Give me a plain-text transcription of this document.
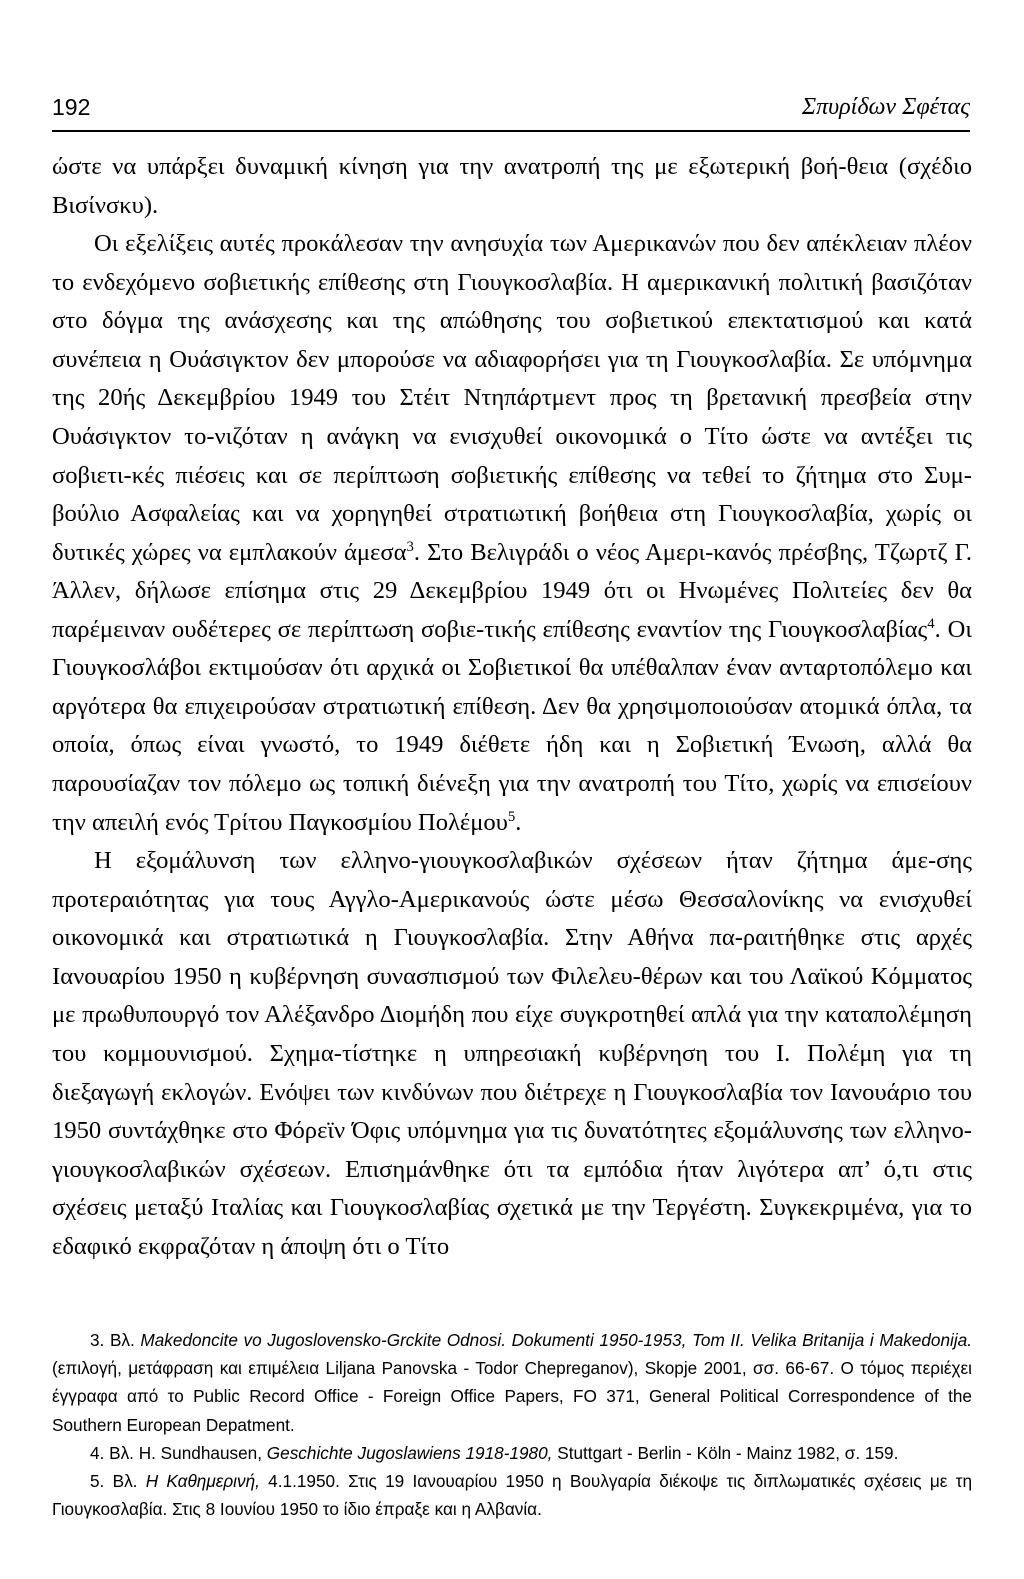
192	Σπυρίδων Σφέτας

ώστε να υπάρξει δυναμική κίνηση για την ανατροπή της με εξωτερική βοή-θεια (σχέδιο Βισίνσκυ).

Οι εξελίξεις αυτές προκάλεσαν την ανησυχία των Αμερικανών που δεν απέκλειαν πλέον το ενδεχόμενο σοβιετικής επίθεσης στη Γιουγκοσλαβία. Η αμερικανική πολιτική βασιζόταν στο δόγμα της ανάσχεσης και της απώθησης του σοβιετικού επεκτατισμού και κατά συνέπεια η Ουάσιγκτον δεν μπορούσε να αδιαφορήσει για τη Γιουγκοσλαβία. Σε υπόμνημα της 20ής Δεκεμβρίου 1949 του Στέιτ Ντηπάρτμεντ προς τη βρετανική πρεσβεία στην Ουάσιγκτον το-νιζόταν η ανάγκη να ενισχυθεί οικονομικά ο Τίτο ώστε να αντέξει τις σοβιετι-κές πιέσεις και σε περίπτωση σοβιετικής επίθεσης να τεθεί το ζήτημα στο Συμ-βούλιο Ασφαλείας και να χορηγηθεί στρατιωτική βοήθεια στη Γιουγκοσλαβία, χωρίς οι δυτικές χώρες να εμπλακούν άμεσα$^3$. Στο Βελιγράδι ο νέος Αμερι-κανός πρέσβης, Τζωρτζ Γ. Άλλεν, δήλωσε επίσημα στις 29 Δεκεμβρίου 1949 ότι οι Ηνωμένες Πολιτείες δεν θα παρέμειναν ουδέτερες σε περίπτωση σοβιε-τικής επίθεσης εναντίον της Γιουγκοσλαβίας$^4$. Οι Γιουγκοσλάβοι εκτιμούσαν ότι αρχικά οι Σοβιετικοί θα υπέθαλπαν έναν ανταρτοπόλεμο και αργότερα θα επιχειρούσαν στρατιωτική επίθεση. Δεν θα χρησιμοποιούσαν ατομικά όπλα, τα οποία, όπως είναι γνωστό, το 1949 διέθετε ήδη και η Σοβιετική Ένωση, αλλά θα παρουσίαζαν τον πόλεμο ως τοπική διένεξη για την ανατροπή του Τίτο, χωρίς να επισείουν την απειλή ενός Τρίτου Παγκοσμίου Πολέμου$^5$.

Η εξομάλυνση των ελληνο-γιουγκοσλαβικών σχέσεων ήταν ζήτημα άμε-σης προτεραιότητας για τους Αγγλο-Αμερικανούς ώστε μέσω Θεσσαλονίκης να ενισχυθεί οικονομικά και στρατιωτικά η Γιουγκοσλαβία. Στην Αθήνα πα-ραιτήθηκε στις αρχές Ιανουαρίου 1950 η κυβέρνηση συνασπισμού των Φιλελευ-θέρων και του Λαϊκού Κόμματος με πρωθυπουργό τον Αλέξανδρο Διομήδη που είχε συγκροτηθεί απλά για την καταπολέμηση του κομμουνισμού. Σχημα-τίστηκε η υπηρεσιακή κυβέρνηση του Ι. Πολέμη για τη διεξαγωγή εκλογών. Ενόψει των κινδύνων που διέτρεχε η Γιουγκοσλαβία τον Ιανουάριο του 1950 συντάχθηκε στο Φόρεϊν Όφις υπόμνημα για τις δυνατότητες εξομάλυνσης των ελληνο-γιουγκοσλαβικών σχέσεων. Επισημάνθηκε ότι τα εμπόδια ήταν λιγότερα απ’ ό,τι στις σχέσεις μεταξύ Ιταλίας και Γιουγκοσλαβίας σχετικά με την Τεργέστη. Συγκεκριμένα, για το εδαφικό εκφραζόταν η άποψη ότι ο Τίτο

3. Βλ. Makedoncite vo Jugoslovensko-Grckite Odnosi. Dokumenti 1950-1953, Tom II. Velika Britanija i Makedonija. (επιλογή, μετάφραση και επιμέλεια Liljana Panovska - Todor Chepreganov), Skopje 2001, σσ. 66-67. Ο τόμος περιέχει έγγραφα από το Public Record Office - Foreign Office Papers, FO 371, General Political Correspondence of the Southern European Depatment.

4. Βλ. H. Sundhausen, Geschichte Jugoslawiens 1918-1980, Stuttgart - Berlin - Köln - Mainz 1982, σ. 159.

5. Βλ. Η Καθημερινή, 4.1.1950. Στις 19 Ιανουαρίου 1950 η Βουλγαρία διέκοψε τις διπλωματικές σχέσεις με τη Γιουγκοσλαβία. Στις 8 Ιουνίου 1950 το ίδιο έπραξε και η Αλβανία.
